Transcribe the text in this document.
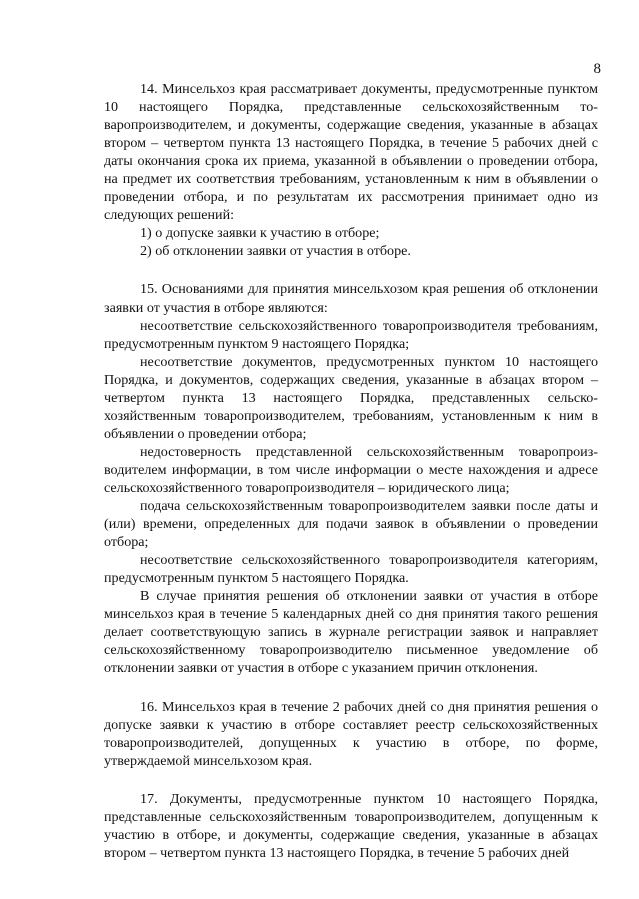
8

14. Минсельхоз края рассматривает документы, предусмотренные пунктом 10 настоящего Порядка, представленные сельскохозяйственным товаропроизводителем, и документы, содержащие сведения, указанные в абзацах втором – четвертом пункта 13 настоящего Порядка, в течение 5 рабочих дней с даты окончания срока их приема, указанной в объявлении о проведении отбора, на предмет их соответствия требованиям, установленным к ним в объявлении о проведении отбора, и по результатам их рассмотрения принимает одно из следующих решений:

1) о допуске заявки к участию в отборе;

2) об отклонении заявки от участия в отборе.

15. Основаниями для принятия минсельхозом края решения об отклонении заявки от участия в отборе являются:

несоответствие сельскохозяйственного товаропроизводителя требованиям, предусмотренным пунктом 9 настоящего Порядка;

несоответствие документов, предусмотренных пунктом 10 настоящего Порядка, и документов, содержащих сведения, указанные в абзацах втором – четвертом пункта 13 настоящего Порядка, представленных сельскохозяйственным товаропроизводителем, требованиям, установленным к ним в объявлении о проведении отбора;

недостоверность представленной сельскохозяйственным товаропроизводителем информации, в том числе информации о месте нахождения и адресе сельскохозяйственного товаропроизводителя – юридического лица;

подача сельскохозяйственным товаропроизводителем заявки после даты и (или) времени, определенных для подачи заявок в объявлении о проведении отбора;

несоответствие сельскохозяйственного товаропроизводителя категориям, предусмотренным пунктом 5 настоящего Порядка.

В случае принятия решения об отклонении заявки от участия в отборе минсельхоз края в течение 5 календарных дней со дня принятия такого решения делает соответствующую запись в журнале регистрации заявок и направляет сельскохозяйственному товаропроизводителю письменное уведомление об отклонении заявки от участия в отборе с указанием причин отклонения.

16. Минсельхоз края в течение 2 рабочих дней со дня принятия решения о допуске заявки к участию в отборе составляет реестр сельскохозяйственных товаропроизводителей, допущенных к участию в отборе, по форме, утверждаемой минсельхозом края.

17. Документы, предусмотренные пунктом 10 настоящего Порядка, представленные сельскохозяйственным товаропроизводителем, допущенным к участию в отборе, и документы, содержащие сведения, указанные в абзацах втором – четвертом пункта 13 настоящего Порядка, в течение 5 рабочих дней
